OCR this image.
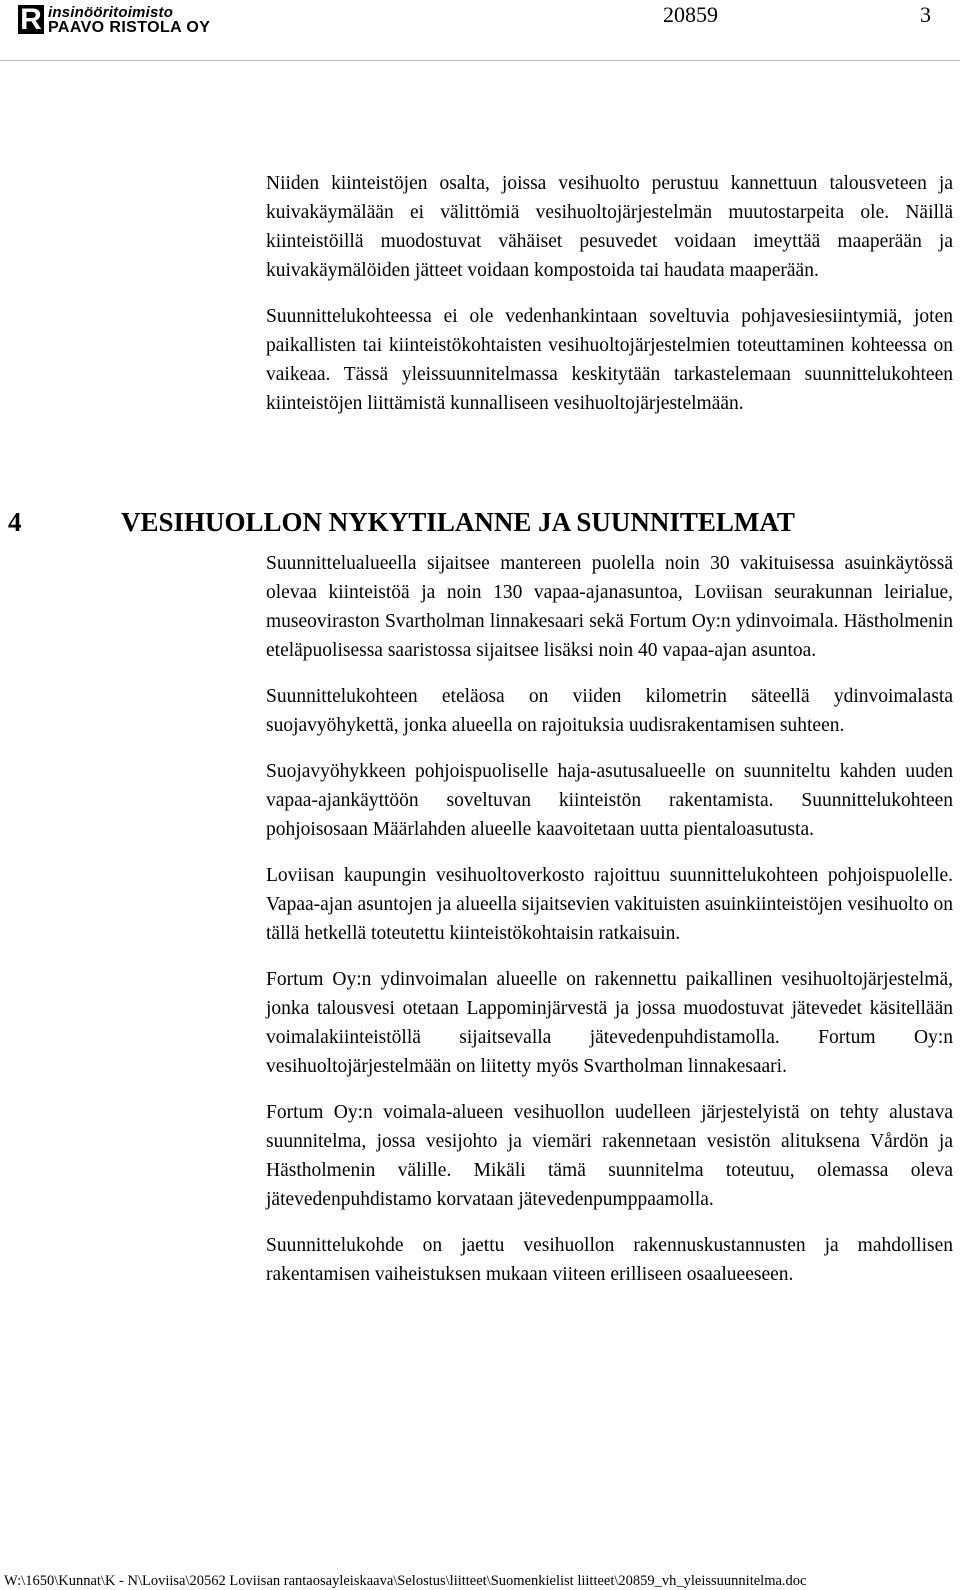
R insinööritoimisto
PAAVO RISTOLA OY
20859	3

Niiden kiinteistöjen osalta, joissa vesihuolto perustuu kannettuun talousveteen ja kuivakäymälään ei välittömiä vesihuoltojärjestelmän muutostarpeita ole. Näillä kiinteistöillä muodostuvat vähäiset pesuvedet voidaan imeyttää maaperään ja kuivakäymälöiden jätteet voidaan kompostoida tai haudata maaperään.

Suunnittelukohteessa ei ole vedenhankintaan soveltuvia pohjavesiesiintymiä, joten paikallisten tai kiinteistökohtaisten vesihuoltojärjestelmien toteuttaminen kohteessa on vaikeaa. Tässä yleissuunnitelmassa keskitytään tarkastelemaan suunnittelukohteen kiinteistöjen liittämistä kunnalliseen vesihuoltojärjestelmään.

4	VESIHUOLLON NYKYTILANNE JA SUUNNITELMAT

Suunnittelualueella sijaitsee mantereen puolella noin 30 vakituisessa asuinkäytössä olevaa kiinteistöä ja noin 130 vapaa-ajanasuntoa, Loviisan seurakunnan leirialue, museoviraston Svartholman linnakesaari sekä Fortum Oy:n ydinvoimala. Hästholmenin eteläpuolisessa saaristossa sijaitsee lisäksi noin 40 vapaa-ajan asuntoa.

Suunnittelukohteen eteläosa on viiden kilometrin säteellä ydinvoimalasta suojavyöhykettä, jonka alueella on rajoituksia uudisrakentamisen suhteen.

Suojavyöhykkeen pohjoispuoliselle haja-asutusalueelle on suunniteltu kahden uuden vapaa-ajankäyttöön soveltuvan kiinteistön rakentamista. Suunnittelukohteen pohjoisosaan Määrlahden alueelle kaavoitetaan uutta pientaloasutusta.

Loviisan kaupungin vesihuoltoverkosto rajoittuu suunnittelukohteen pohjoispuolelle. Vapaa-ajan asuntojen ja alueella sijaitsevien vakituisten asuinkiinteistöjen vesihuolto on tällä hetkellä toteutettu kiinteistökohtaisin ratkaisuin.

Fortum Oy:n ydinvoimalan alueelle on rakennettu paikallinen vesihuoltojärjestelmä, jonka talousvesi otetaan Lappominjärvestä ja jossa muodostuvat jätevedet käsitellään voimalakiinteistöllä sijaitsevalla jätevedenpuhdistamolla. Fortum Oy:n vesihuoltojärjestelmään on liitetty myös Svartholman linnakesaari.

Fortum Oy:n voimala-alueen vesihuollon uudelleen järjestelyistä on tehty alustava suunnitelma, jossa vesijohto ja viemäri rakennetaan vesistön alituksena Vårdön ja Hästholmenin välille. Mikäli tämä suunnitelma toteutuu, olemassa oleva jätevedenpuhdistamo korvataan jätevedenpumppaamolla.

Suunnittelukohde on jaettu vesihuollon rakennuskustannusten ja mahdollisen rakentamisen vaiheistuksen mukaan viiteen erilliseen osaalueeseen.

W:\1650\Kunnat\K - N\Loviisa\20562 Loviisan rantaosayleiskaava\Selostus\liitteet\Suomenkielist liitteet\20859_vh_yleissuunnitelma.doc
